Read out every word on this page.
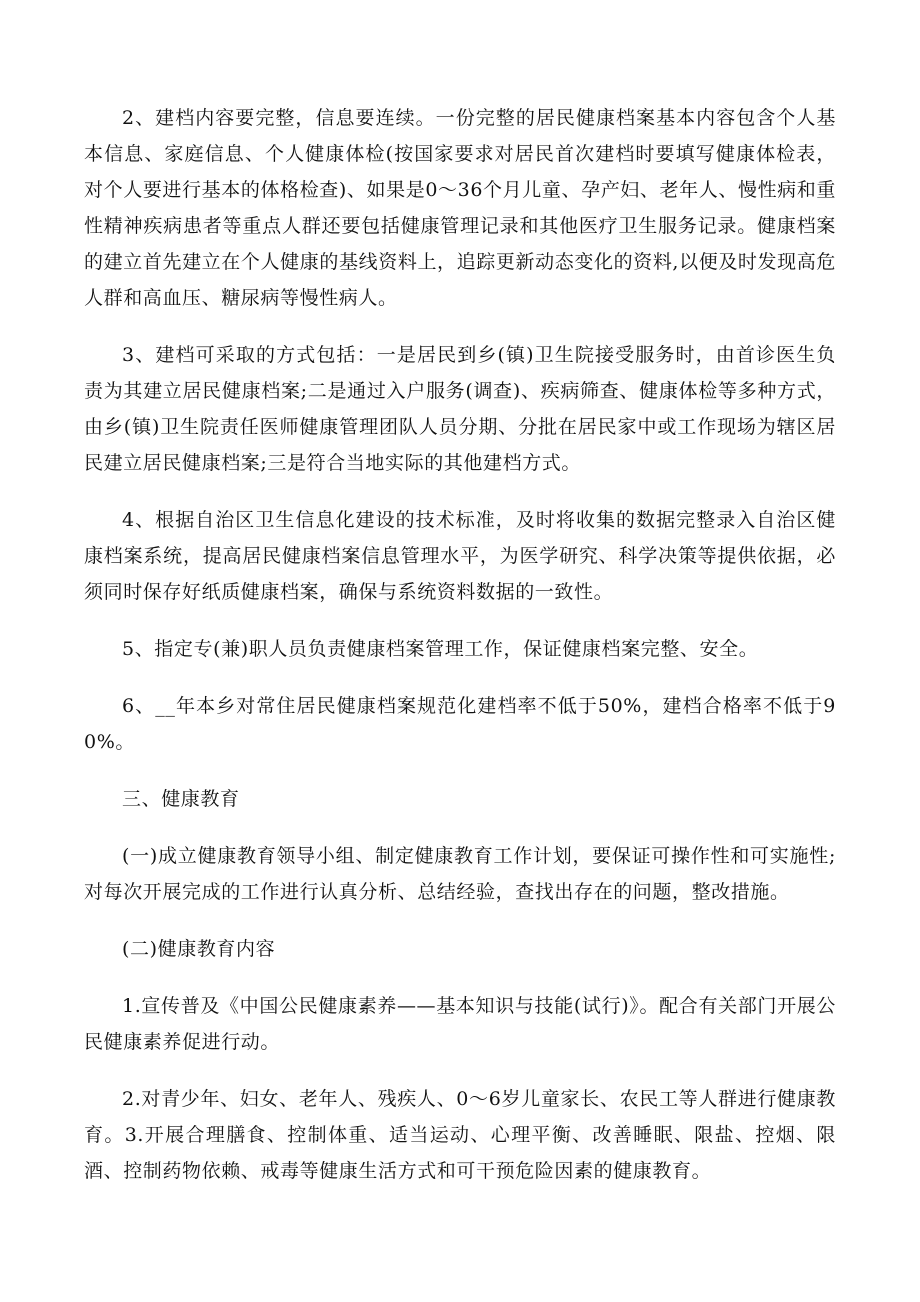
2、建档内容要完整，信息要连续。一份完整的居民健康档案基本内容包含个人基本信息、家庭信息、个人健康体检(按国家要求对居民首次建档时要填写健康体检表，对个人要进行基本的体格检查)、如果是0～36个月儿童、孕产妇、老年人、慢性病和重性精神疾病患者等重点人群还要包括健康管理记录和其他医疗卫生服务记录。健康档案的建立首先建立在个人健康的基线资料上，追踪更新动态变化的资料,以便及时发现高危人群和高血压、糖尿病等慢性病人。

3、建档可采取的方式包括：一是居民到乡(镇)卫生院接受服务时，由首诊医生负责为其建立居民健康档案;二是通过入户服务(调查)、疾病筛查、健康体检等多种方式，由乡(镇)卫生院责任医师健康管理团队人员分期、分批在居民家中或工作现场为辖区居民建立居民健康档案;三是符合当地实际的其他建档方式。

4、根据自治区卫生信息化建设的技术标准，及时将收集的数据完整录入自治区健康档案系统，提高居民健康档案信息管理水平，为医学研究、科学决策等提供依据，必须同时保存好纸质健康档案，确保与系统资料数据的一致性。

5、指定专(兼)职人员负责健康档案管理工作，保证健康档案完整、安全。

6、__年本乡对常住居民健康档案规范化建档率不低于50%，建档合格率不低于90%。

三、健康教育

(一)成立健康教育领导小组、制定健康教育工作计划，要保证可操作性和可实施性;对每次开展完成的工作进行认真分析、总结经验，查找出存在的问题，整改措施。

(二)健康教育内容

1.宣传普及《中国公民健康素养——基本知识与技能(试行)》。配合有关部门开展公民健康素养促进行动。

2.对青少年、妇女、老年人、残疾人、0～6岁儿童家长、农民工等人群进行健康教育。3.开展合理膳食、控制体重、适当运动、心理平衡、改善睡眠、限盐、控烟、限酒、控制药物依赖、戒毒等健康生活方式和可干预危险因素的健康教育。
